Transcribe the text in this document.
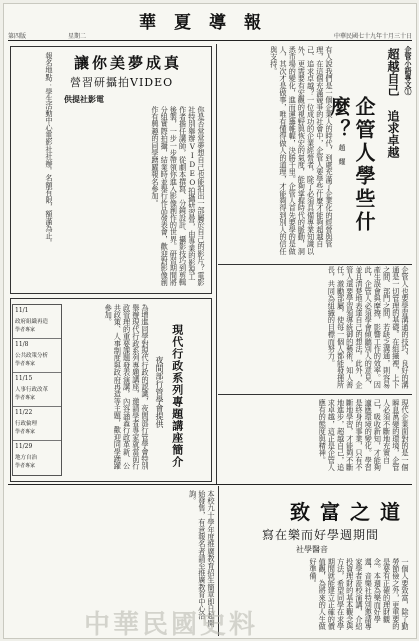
華夏導報
第四版	星期二	中華民國七十九年十月三十日
企管小語專文①
超越自己 追求卓越
企管人學些什麼？
趙　耀
有人說我們是一個企業人的時代，到處充滿了企業化的經營與管理，在這個充滿競爭的社會中，企管人要學些什麼才能夠超越自己、追求卓越？一位成功的企業經營者，除了必須具備專業知識以外，更需要有宏觀的視野與恢宏的氣度，能夠掌握時代的脈動，洞悉市場的變化，進而運籌帷幄，決勝千里。企管人首先要學的是做人，其次才是做事，唯有懂得做人的道理，才能夠得到別人的信任與支持。
企管人也要學習溝通的技巧，良好的溝通是一切管理的基礎。在組織裡，上下之間、部門之間，若缺乏溝通，則容易產生誤會與摩擦，影響工作的效率。因此，企管人必須學會傾聽別人的意見，並且清楚地表達自己的想法。此外，企管人還要學習領導統御的藝術，知人善任，激勵部屬，使每一個人都能發揮所長，共同為組織的目標而努力。
現代企業面對的是一個瞬息萬變的環境，企管人必須不斷地充實自己，吸收新知，才能夠適應環境的變化。學習是終身的事業，只有不斷地學習，才能夠不斷地進步，超越自己，追求卓越，這正是企管人應有的態度與精神。
讓你美夢成真
營習研攝拍VIDEO
供提社影電
你是否常常夢想自己也能拍出一部屬於自己的影片？電影社特別舉辦VIDEO拍攝研習營，由專業的影視工作者擔任講師，從劇本撰寫、分鏡設計、攝影技巧到剪輯後製，一步一步帶領你進入影像創作的世界。研習期間將分組實際拍攝，結業時並舉行作品發表會，歡迎對影像創作有興趣的同學踴躍報名參加。
報名地點：學生活動中心電影社社辦。名額有限，額滿為止。
現代行政系列專題講座簡介
夜間部行管學會提供
為增進同學對現代行政的認識，夜間部行管學會特別舉辦現代行政系列專題講座，邀請學者專家就當前行政管理的重要課題發表演講，內容涵蓋行政革新、公共政策、人事制度與政府再造等主題，歡迎同學踴躍參加。
11/1
政府組織再造
學者專家
11/8
公共政策分析
學者專家
11/15
人事行政改革
學者專家
11/22
行政倫理
學者專家
11/29
地方自治
學者專家
致富之道
寫在樂而好學週期間
社學醫音
一個人要致富，除了勤勞節儉之外，更重要的是要有正確的理財觀念。本週為樂而好學週，音樂社特別邀請專家學者蒞校演講，介紹投資理財的基本觀念與方法，希望同學在求學期間就能建立正確的價值觀，為將來的人生做好準備。
本校九十學年度推廣教育招生簡章即日起開始發售，有意報名者請至推廣教育中心洽詢。
中華民國史料
